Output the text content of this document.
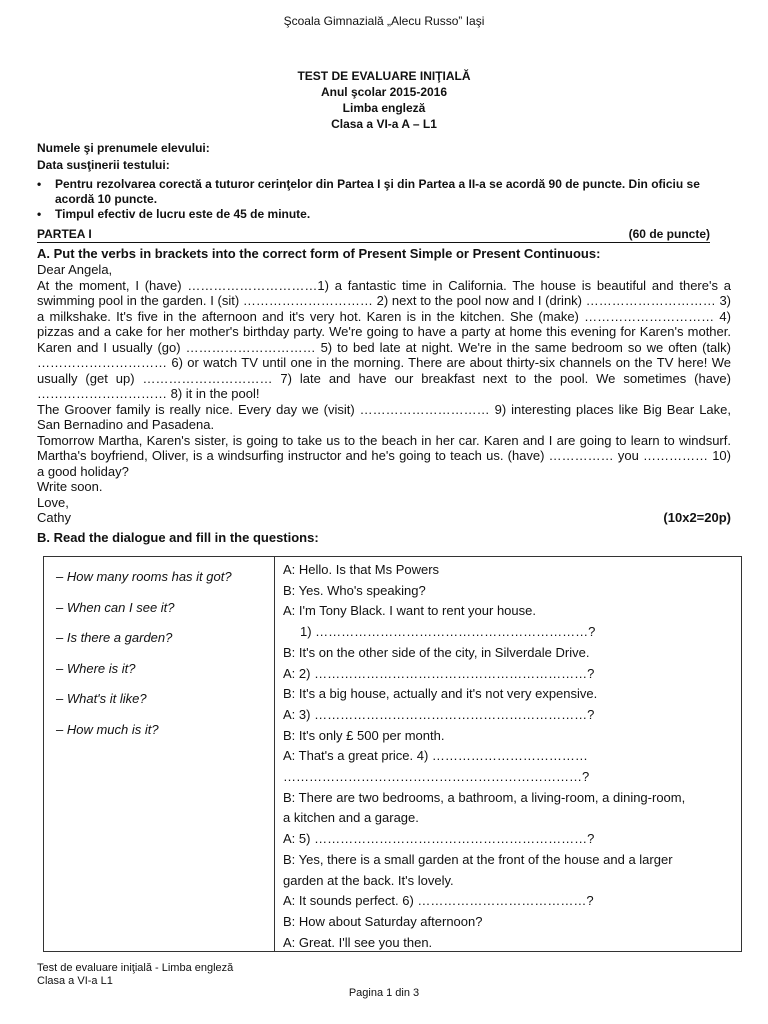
Şcoala Gimnazială „Alecu Russo” Iaşi
TEST DE EVALUARE INIŢIALĂ
Anul şcolar 2015-2016
Limba engleză
Clasa a VI-a A – L1
Numele şi prenumele elevului:
Data susţinerii testului:
• Pentru rezolvarea corectă a tuturor cerinţelor din Partea I şi din Partea a II-a se acordă 90 de puncte. Din oficiu se acordă 10 puncte.
• Timpul efectiv de lucru este de 45 de minute.
PARTEA I	(60 de puncte)
A. Put the verbs in brackets into the correct form of Present Simple or Present Continuous:

Dear Angela,

At the moment, I (have) …………………………1) a fantastic time in California. The house is beautiful and there's a swimming pool in the garden. I (sit) ………………………… 2) next to the pool now and I (drink) ………………………… 3) a milkshake. It's five in the afternoon and it's very hot. Karen is in the kitchen. She (make) ………………………… 4) pizzas and a cake for her mother's birthday party. We're going to have a party at home this evening for Karen's mother. Karen and I usually (go) ………………………… 5) to bed late at night. We're in the same bedroom so we often (talk) ………………………… 6) or watch TV until one in the morning. There are about thirty-six channels on the TV here! We usually (get up) ………………………… 7) late and have our breakfast next to the pool. We sometimes (have) ………………………… 8) it in the pool!

The Groover family is really nice. Every day we (visit) ………………………… 9) interesting places like Big Bear Lake, San Bernadino and Pasadena.

Tomorrow Martha, Karen's sister, is going to take us to the beach in her car. Karen and I are going to learn to windsurf. Martha's boyfriend, Oliver, is a windsurfing instructor and he's going to teach us. (have) …………… you …………… 10) a good holiday?

Write soon.

Love,

Cathy	(10x2=20p)
B. Read the dialogue and fill in the questions:
– How many rooms has it got?
– When can I see it?
– Is there a garden?
– Where is it?
– What's it like?
– How much is it?
A: Hello. Is that Ms Powers
B: Yes. Who's speaking?
A: I'm Tony Black. I want to rent your house.
1) ………………………………………………………?
B: It's on the other side of the city, in Silverdale Drive.
A: 2) ………………………………………………………?
B: It's a big house, actually and it's not very expensive.
A: 3) ………………………………………………………?
B: It's only £ 500 per month.
A: That's a great price. 4) ………………………………
……………………………………………………………?
B: There are two bedrooms, a bathroom, a living-room, a dining-room,
a kitchen and a garage.
A: 5) ………………………………………………………?
B: Yes, there is a small garden at the front of the house and a larger
garden at the back. It's lovely.
A: It sounds perfect. 6) …………………………………?
B: How about Saturday afternoon?
A: Great. I'll see you then.
Test de evaluare iniţială - Limba engleză
Clasa a VI-a L1
Pagina 1 din 3
